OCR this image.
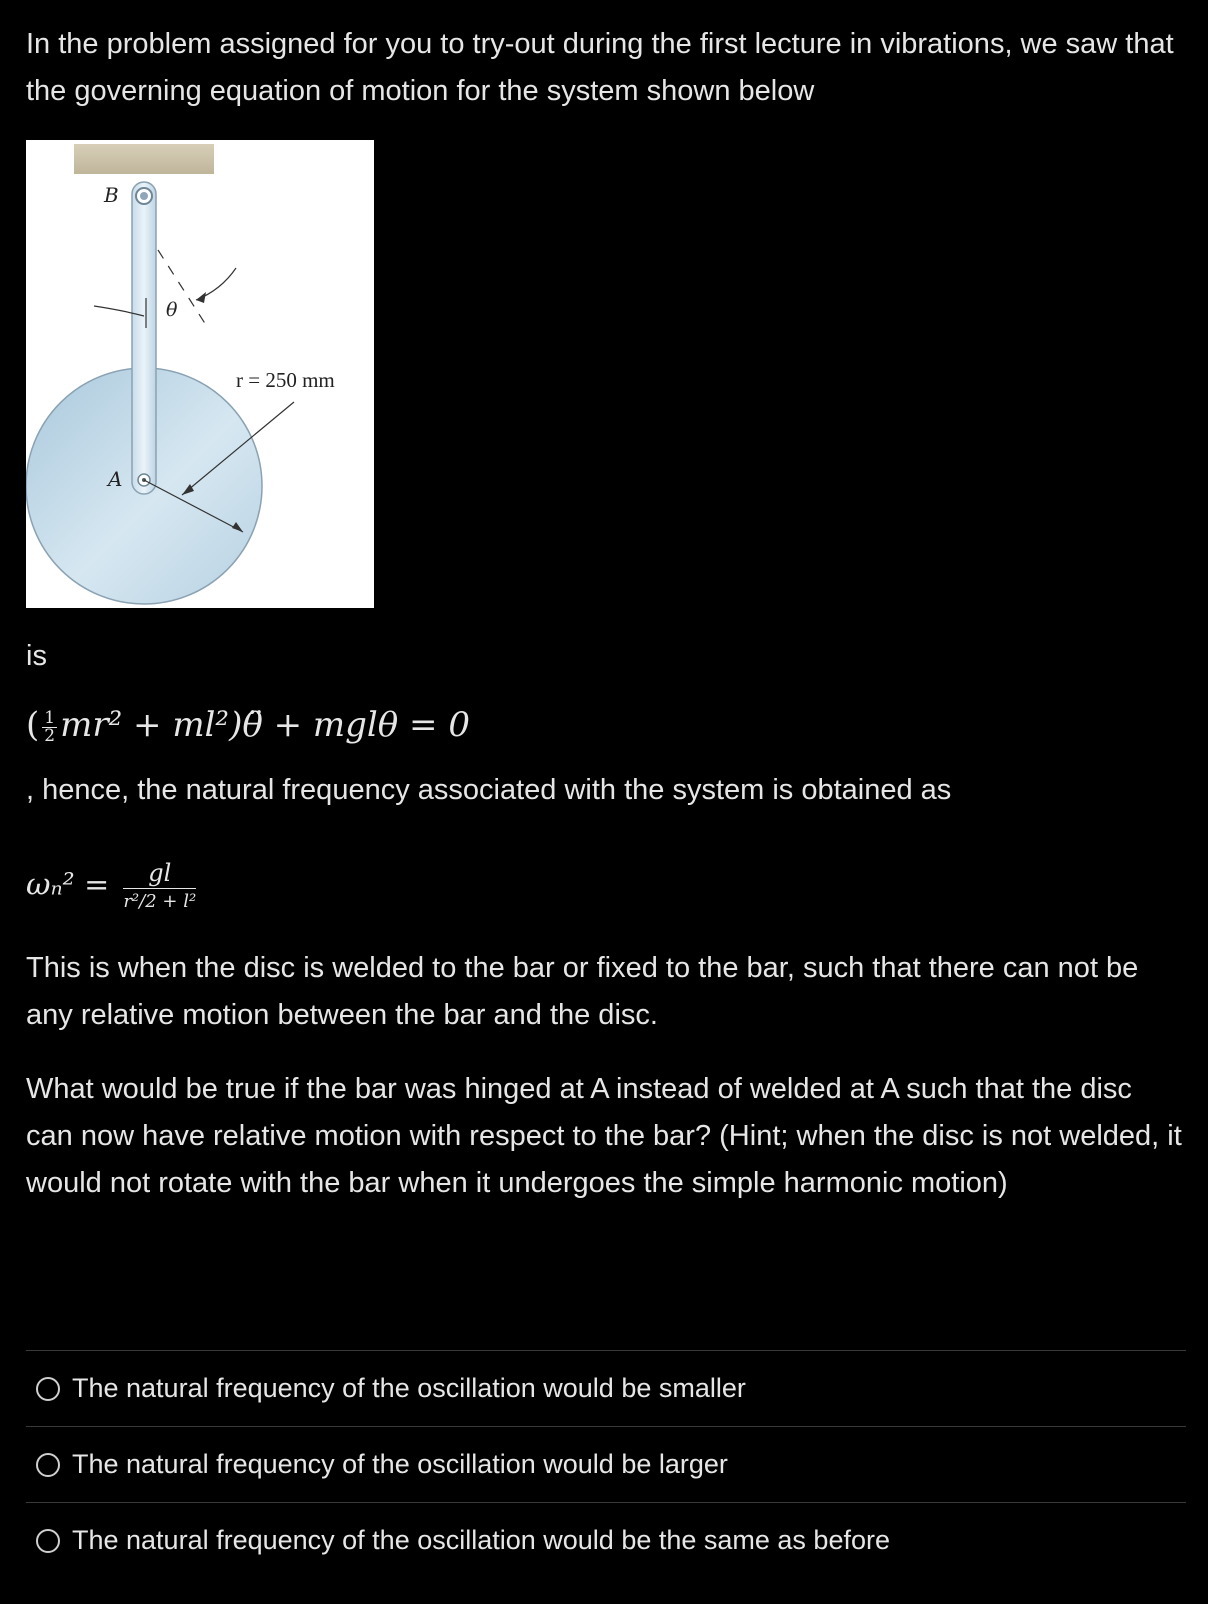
In the problem assigned for you to try-out during the first lecture in vibrations, we saw that the governing equation of motion for the system shown below

B
A
θ
r = 250 mm

is

( $\frac{1}{2} mr^2$ + ml²)θ̈ + mglθ = 0

, hence, the natural frequency associated with the system is obtained as

$\omega_n^2 = \frac{gl}{\text{r²/2 + l²}}$

This is when the disc is welded to the bar or fixed to the bar, such that there can not be any relative motion between the bar and the disc.

What would be true if the bar was hinged at A instead of welded at A such that the disc can now have relative motion with respect to the bar? (Hint; when the disc is not welded, it would not rotate with the bar when it undergoes the simple harmonic motion)

The natural frequency of the oscillation would be smaller
The natural frequency of the oscillation would be larger
The natural frequency of the oscillation would be the same as before
